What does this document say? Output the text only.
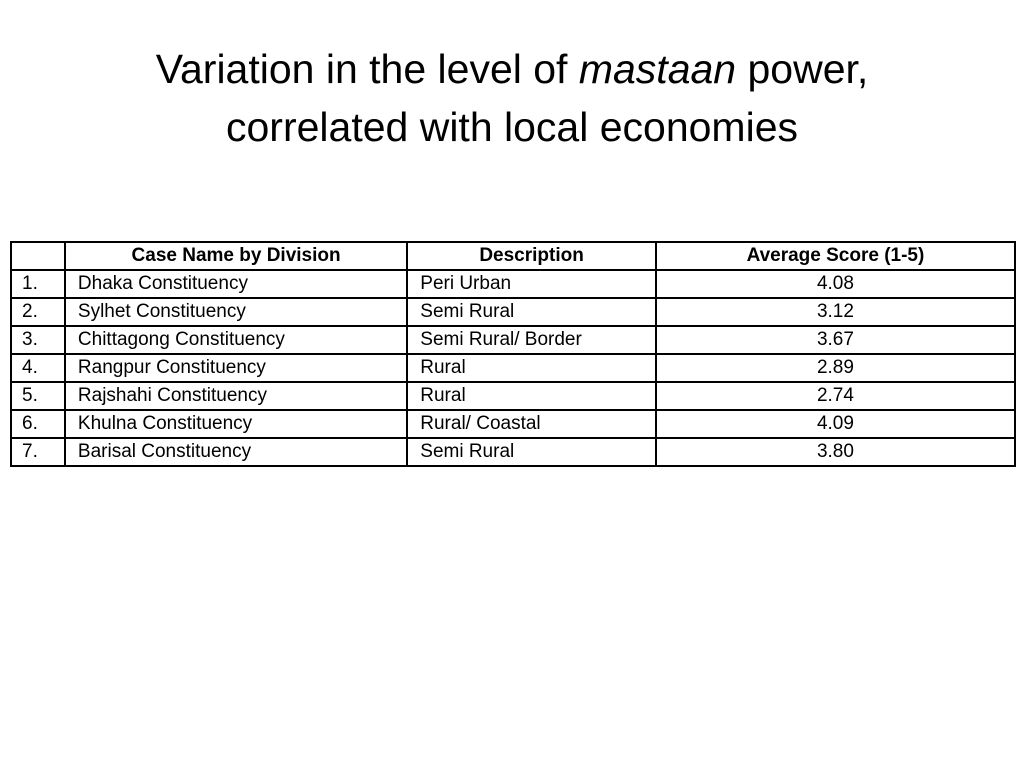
Variation in the level of mastaan power,
correlated with local economies
	Case Name by Division	Description	Average Score (1-5)
1.	Dhaka Constituency	Peri Urban	4.08
2.	Sylhet Constituency	Semi Rural	3.12
3.	Chittagong Constituency	Semi Rural/ Border	3.67
4.	Rangpur Constituency	Rural	2.89
5.	Rajshahi Constituency	Rural	2.74
6.	Khulna Constituency	Rural/ Coastal	4.09
7.	Barisal Constituency	Semi Rural	3.80
